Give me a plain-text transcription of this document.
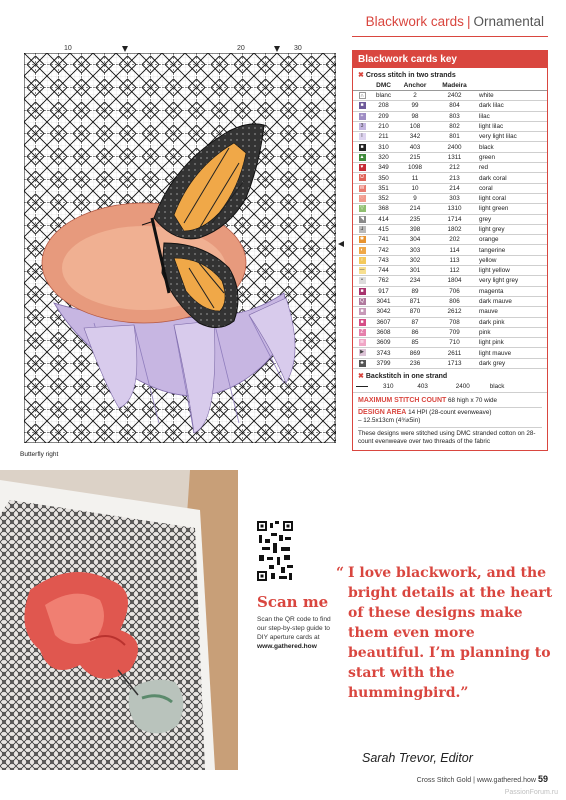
Blackwork cards | Ornamental
10	20	30
Butterfly right
Blackwork cards key
✖ Cross stitch in two strands
	DMC	Anchor	Madeira	
∩	blanc	2	2402	white
■	208	99	804	dark lilac
+	209	98	803	lilac
3	210	108	802	light lilac
I	211	342	801	very light lilac
■	310	403	2400	black
▲	320	215	1311	green
♥	349	1098	212	red
Ω	350	11	213	dark coral
W	351	10	214	coral
♡	352	9	303	light coral
▽	368	214	1310	light green
◥	414	235	1714	grey
⅃	415	398	1802	light grey
✱	741	304	202	orange
◐	742	303	114	tangerine
♀	743	302	113	yellow
—	744	301	112	light yellow
•	762	234	1804	very light grey
■	917	89	706	magenta
Q	3041	871	806	dark mauve
■	3042	870	2612	mauve
■	3607	87	708	dark pink
Z	3608	86	709	pink
≋	3609	85	710	light pink
▶	3743	869	2611	light mauve
♣	3799	236	1713	dark grey
✖ Backstitch in one strand
	310	403	2400	black
MAXIMUM STITCH COUNT 68 high x 70 wide
DESIGN AREA 14 HPI (28-count evenweave)
– 12.5x13cm (4¾x5in)
These designs were stitched using DMC stranded cotton on 28-count evenweave over two threads of the fabric
Scan me
Scan the QR code to find our step-by-step guide to DIY aperture cards at www.gathered.how
“ I love blackwork, and the bright details at the heart of these designs make them even more beautiful. I’m planning to start with the hummingbird.”
Sarah Trevor, Editor
Cross Stitch Gold | www.gathered.how 59
PassionForum.ru
